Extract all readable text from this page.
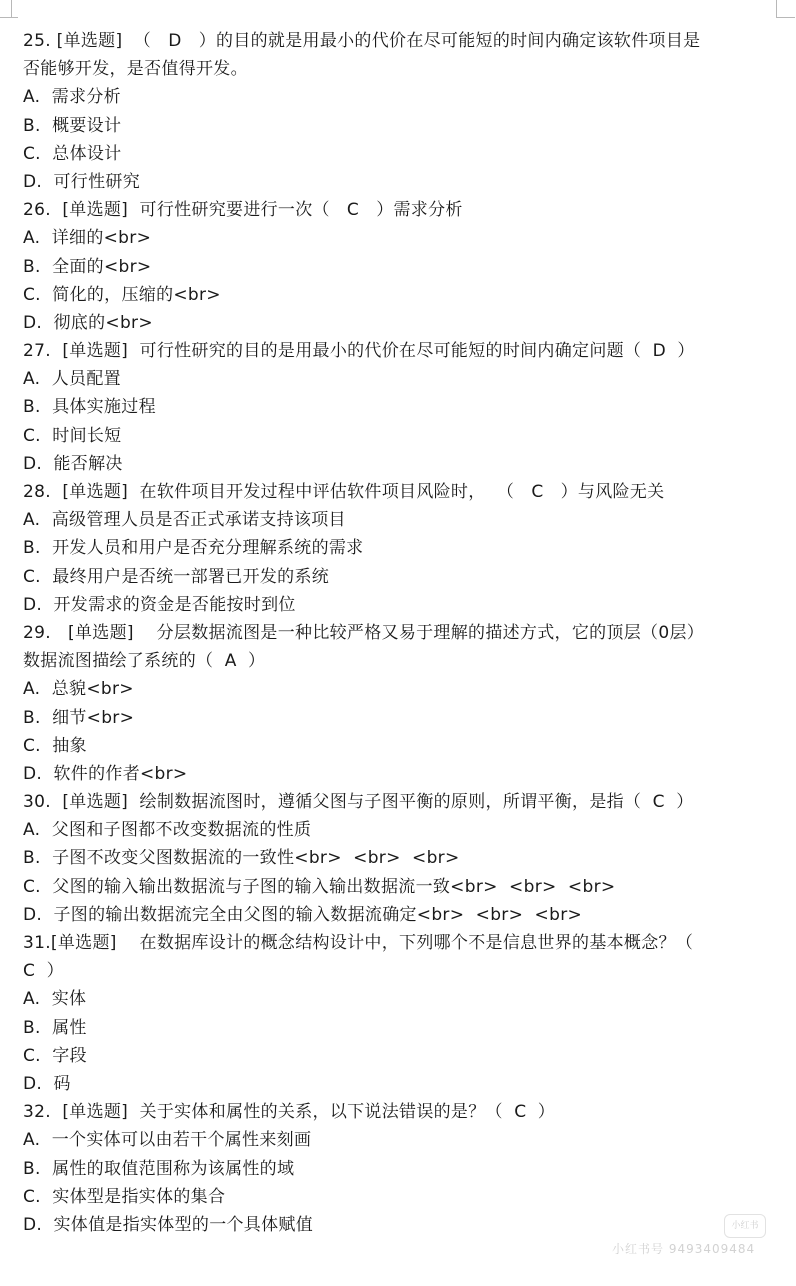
25. [单选题]  （   D   ）的目的就是用最小的代价在尽可能短的时间内确定该软件项目是
否能够开发，是否值得开发。
A.  需求分析
B.  概要设计
C.  总体设计
D.  可行性研究
26.  [单选题]  可行性研究要进行一次（   C   ）需求分析
A.  详细的<br>
B.  全面的<br>
C.  简化的，压缩的<br>
D.  彻底的<br>
27.  [单选题]  可行性研究的目的是用最小的代价在尽可能短的时间内确定问题（  D  ）
A.  人员配置
B.  具体实施过程
C.  时间长短
D.  能否解决
28.  [单选题]  在软件项目开发过程中评估软件项目风险时，  （   C   ）与风险无关
A.  高级管理人员是否正式承诺支持该项目
B.  开发人员和用户是否充分理解系统的需求
C.  最终用户是否统一部署已开发的系统
D.  开发需求的资金是否能按时到位
29.   [单选题]    分层数据流图是一种比较严格又易于理解的描述方式，它的顶层（0层）
数据流图描绘了系统的（  A  ）
A.  总貌<br>
B.  细节<br>
C.  抽象
D.  软件的作者<br>
30.  [单选题]  绘制数据流图时，遵循父图与子图平衡的原则，所谓平衡，是指（  C  ）
A.  父图和子图都不改变数据流的性质
B.  子图不改变父图数据流的一致性<br>  <br>  <br>
C.  父图的输入输出数据流与子图的输入输出数据流一致<br>  <br>  <br>
D.  子图的输出数据流完全由父图的输入数据流确定<br>  <br>  <br>
31.[单选题]    在数据库设计的概念结构设计中，下列哪个不是信息世界的基本概念？（
C  ）
A.  实体
B.  属性
C.  字段
D.  码
32.  [单选题]  关于实体和属性的关系，以下说法错误的是？（  C  ）
A.  一个实体可以由若干个属性来刻画
B.  属性的取值范围称为该属性的域
C.  实体型是指实体的集合
D.  实体值是指实体型的一个具体赋值	小红书
小红书号 9493409484
